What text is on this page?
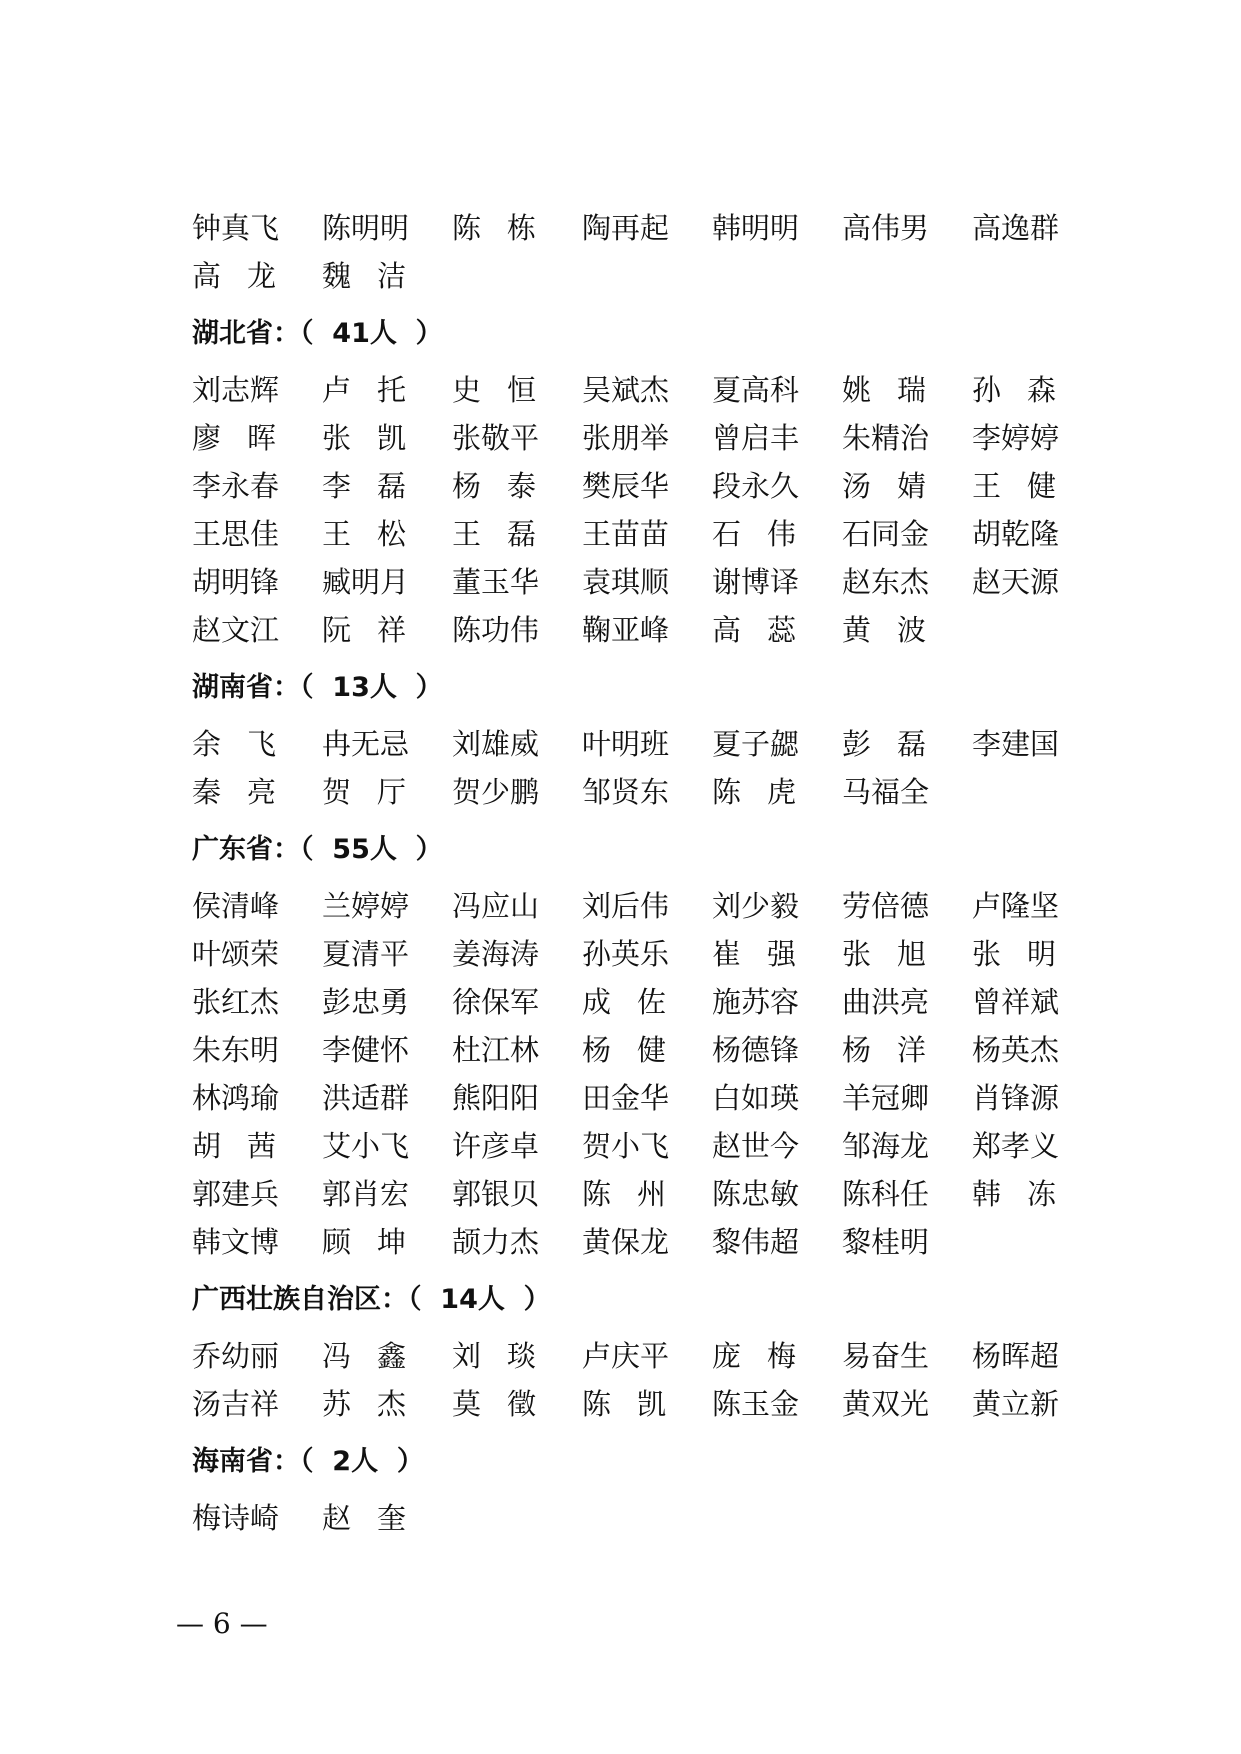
钟 真 飞 陈 明 明 陈 栋 陶 再 起 韩 明 明 高 伟 男 高 逸 群
高 龙 魏 洁
湖北省：（  41人  ）
刘 志 辉 卢 托 史 恒 吴 斌 杰 夏 高 科 姚 瑞 孙 森
廖 晖 张 凯 张 敬 平 张 朋 举 曾 启 丰 朱 精 治 李 婷 婷
李 永 春 李 磊 杨 泰 樊 辰 华 段 永 久 汤 婧 王 健
王 思 佳 王 松 王 磊 王 苗 苗 石 伟 石 同 金 胡 乾 隆
胡 明 锋 臧 明 月 董 玉 华 袁 琪 顺 谢 博 译 赵 东 杰 赵 天 源
赵 文 江 阮 祥 陈 功 伟 鞠 亚 峰 高 蕊 黄 波
湖南省：（  13人  ）
余 飞 冉 无 忌 刘 雄 威 叶 明 班 夏 子 勰 彭 磊 李 建 国
秦 亮 贺 厅 贺 少 鹏 邹 贤 东 陈 虎 马 福 全
广东省：（  55人  ）
侯 清 峰 兰 婷 婷 冯 应 山 刘 后 伟 刘 少 毅 劳 倍 德 卢 隆 坚
叶 颂 荣 夏 清 平 姜 海 涛 孙 英 乐 崔 强 张 旭 张 明
张 红 杰 彭 忠 勇 徐 保 军 成 佐 施 苏 容 曲 洪 亮 曾 祥 斌
朱 东 明 李 健 怀 杜 江 林 杨 健 杨 德 锋 杨 洋 杨 英 杰
林 鸿 瑜 洪 适 群 熊 阳 阳 田 金 华 白 如 瑛 羊 冠 卿 肖 锋 源
胡 茜 艾 小 飞 许 彦 卓 贺 小 飞 赵 世 今 邹 海 龙 郑 孝 义
郭 建 兵 郭 肖 宏 郭 银 贝 陈 州 陈 忠 敏 陈 科 任 韩 冻
韩 文 博 顾 坤 颉 力 杰 黄 保 龙 黎 伟 超 黎 桂 明
广西壮族自治区：（  14人  ）
乔 幼 丽 冯 鑫 刘 琰 卢 庆 平 庞 梅 易 奋 生 杨 晖 超
汤 吉 祥 苏 杰 莫 徵 陈 凯 陈 玉 金 黄 双 光 黄 立 新
海南省：（  2人  ）
梅 诗 崎 赵 奎
— 6 —
